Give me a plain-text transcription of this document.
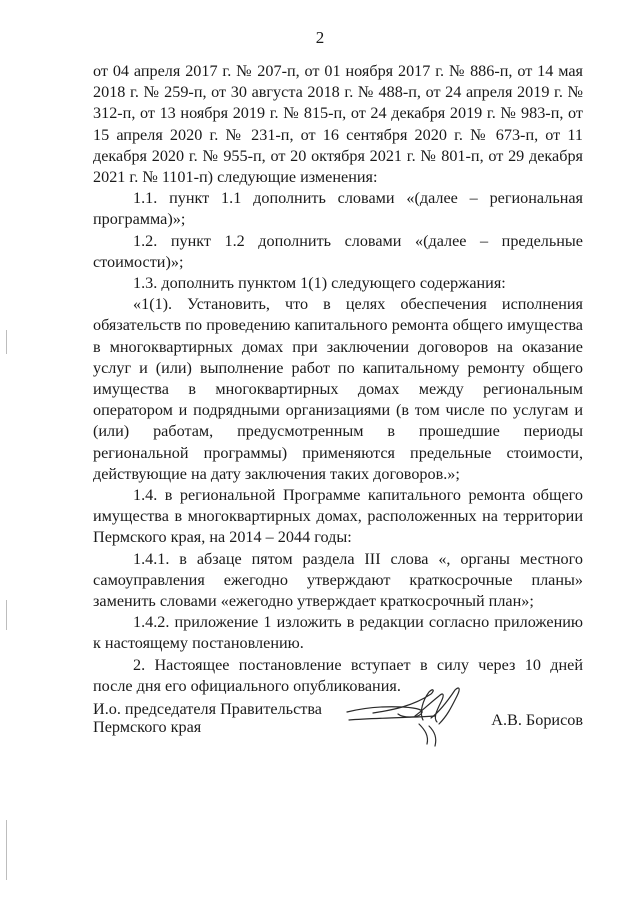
2

от 04 апреля 2017 г. № 207-п, от 01 ноября 2017 г. № 886-п, от 14 мая 2018 г. № 259-п, от 30 августа 2018 г. № 488-п, от 24 апреля 2019 г. № 312-п, от 13 ноября 2019 г. № 815-п, от 24 декабря 2019 г. № 983-п, от 15 апреля 2020 г. № 231-п, от 16 сентября 2020 г. № 673-п, от 11 декабря 2020 г. № 955-п, от 20 октября 2021 г. № 801-п, от 29 декабря 2021 г. № 1101-п) следующие изменения:

1.1. пункт 1.1 дополнить словами «(далее – региональная программа)»;

1.2. пункт 1.2 дополнить словами «(далее – предельные стоимости)»;

1.3. дополнить пунктом 1(1) следующего содержания:

«1(1). Установить, что в целях обеспечения исполнения обязательств по проведению капитального ремонта общего имущества в многоквартирных домах при заключении договоров на оказание услуг и (или) выполнение работ по капитальному ремонту общего имущества в многоквартирных домах между региональным оператором и подрядными организациями (в том числе по услугам и (или) работам, предусмотренным в прошедшие периоды региональной программы) применяются предельные стоимости, действующие на дату заключения таких договоров.»;

1.4. в региональной Программе капитального ремонта общего имущества в многоквартирных домах, расположенных на территории Пермского края, на 2014 – 2044 годы:

1.4.1. в абзаце пятом раздела III слова «, органы местного самоуправления ежегодно утверждают краткосрочные планы» заменить словами «ежегодно утверждает краткосрочный план»;

1.4.2. приложение 1 изложить в редакции согласно приложению к настоящему постановлению.

2. Настоящее постановление вступает в силу через 10 дней после дня его официального опубликования.

И.о. председателя Правительства
Пермского края	А.В. Борисов
